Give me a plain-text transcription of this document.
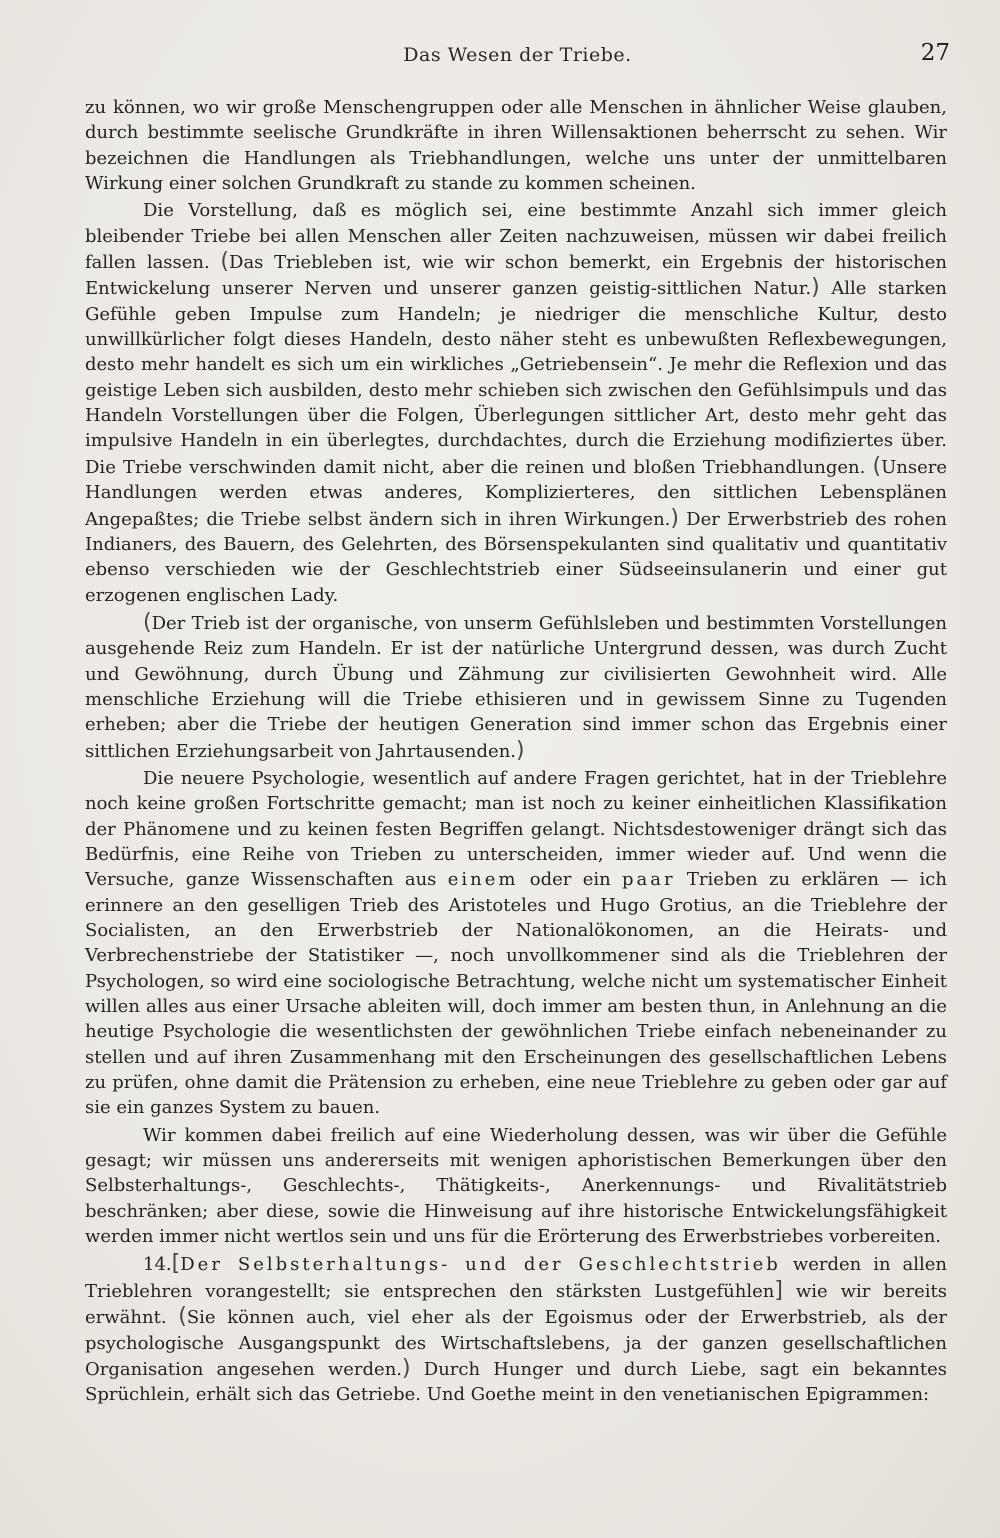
Das Wesen der Triebe.	27

zu können, wo wir große Menschengruppen oder alle Menschen in ähnlicher Weise glauben, durch bestimmte seelische Grundkräfte in ihren Willensaktionen beherrscht zu sehen. Wir bezeichnen die Handlungen als Triebhandlungen, welche uns unter der unmittelbaren Wirkung einer solchen Grundkraft zu stande zu kommen scheinen.

Die Vorstellung, daß es möglich sei, eine bestimmte Anzahl sich immer gleich bleibender Triebe bei allen Menschen aller Zeiten nachzuweisen, müssen wir dabei freilich fallen lassen. (Das Triebleben ist, wie wir schon bemerkt, ein Ergebnis der historischen Entwickelung unserer Nerven und unserer ganzen geistig-sittlichen Natur.) Alle starken Gefühle geben Impulse zum Handeln; je niedriger die menschliche Kultur, desto unwillkürlicher folgt dieses Handeln, desto näher steht es unbewußten Reflexbewegungen, desto mehr handelt es sich um ein wirkliches „Getriebensein“. Je mehr die Reflexion und das geistige Leben sich ausbilden, desto mehr schieben sich zwischen den Gefühlsimpuls und das Handeln Vorstellungen über die Folgen, Überlegungen sittlicher Art, desto mehr geht das impulsive Handeln in ein überlegtes, durchdachtes, durch die Erziehung modifiziertes über. Die Triebe verschwinden damit nicht, aber die reinen und bloßen Triebhandlungen. (Unsere Handlungen werden etwas anderes, Komplizierteres, den sittlichen Lebensplänen Angepaßtes; die Triebe selbst ändern sich in ihren Wirkungen.) Der Erwerbstrieb des rohen Indianers, des Bauern, des Gelehrten, des Börsenspekulanten sind qualitativ und quantitativ ebenso verschieden wie der Geschlechtstrieb einer Südseeinsulanerin und einer gut erzogenen englischen Lady.

(Der Trieb ist der organische, von unserm Gefühlsleben und bestimmten Vorstellungen ausgehende Reiz zum Handeln. Er ist der natürliche Untergrund dessen, was durch Zucht und Gewöhnung, durch Übung und Zähmung zur civilisierten Gewohnheit wird. Alle menschliche Erziehung will die Triebe ethisieren und in gewissem Sinne zu Tugenden erheben; aber die Triebe der heutigen Generation sind immer schon das Ergebnis einer sittlichen Erziehungsarbeit von Jahrtausenden.)

Die neuere Psychologie, wesentlich auf andere Fragen gerichtet, hat in der Trieblehre noch keine großen Fortschritte gemacht; man ist noch zu keiner einheitlichen Klassifikation der Phänomene und zu keinen festen Begriffen gelangt. Nichtsdestoweniger drängt sich das Bedürfnis, eine Reihe von Trieben zu unterscheiden, immer wieder auf. Und wenn die Versuche, ganze Wissenschaften aus einem oder ein paar Trieben zu erklären — ich erinnere an den geselligen Trieb des Aristoteles und Hugo Grotius, an die Trieblehre der Socialisten, an den Erwerbstrieb der Nationalökonomen, an die Heirats- und Verbrechenstriebe der Statistiker —, noch unvollkommener sind als die Trieblehren der Psychologen, so wird eine sociologische Betrachtung, welche nicht um systematischer Einheit willen alles aus einer Ursache ableiten will, doch immer am besten thun, in Anlehnung an die heutige Psychologie die wesentlichsten der gewöhnlichen Triebe einfach nebeneinander zu stellen und auf ihren Zusammenhang mit den Erscheinungen des gesellschaftlichen Lebens zu prüfen, ohne damit die Prätension zu erheben, eine neue Trieblehre zu geben oder gar auf sie ein ganzes System zu bauen.

Wir kommen dabei freilich auf eine Wiederholung dessen, was wir über die Gefühle gesagt; wir müssen uns andererseits mit wenigen aphoristischen Bemerkungen über den Selbsterhaltungs-, Geschlechts-, Thätigkeits-, Anerkennungs- und Rivalitätstrieb beschränken; aber diese, sowie die Hinweisung auf ihre historische Entwickelungsfähigkeit werden immer nicht wertlos sein und uns für die Erörterung des Erwerbstriebes vorbereiten.

14.[Der Selbsterhaltungs- und der Geschlechtstrieb werden in allen Trieblehren vorangestellt; sie entsprechen den stärksten Lustgefühlen] wie wir bereits erwähnt. (Sie können auch, viel eher als der Egoismus oder der Erwerbstrieb, als der psychologische Ausgangspunkt des Wirtschaftslebens, ja der ganzen gesellschaftlichen Organisation angesehen werden.) Durch Hunger und durch Liebe, sagt ein bekanntes Sprüchlein, erhält sich das Getriebe. Und Goethe meint in den venetianischen Epigrammen:
